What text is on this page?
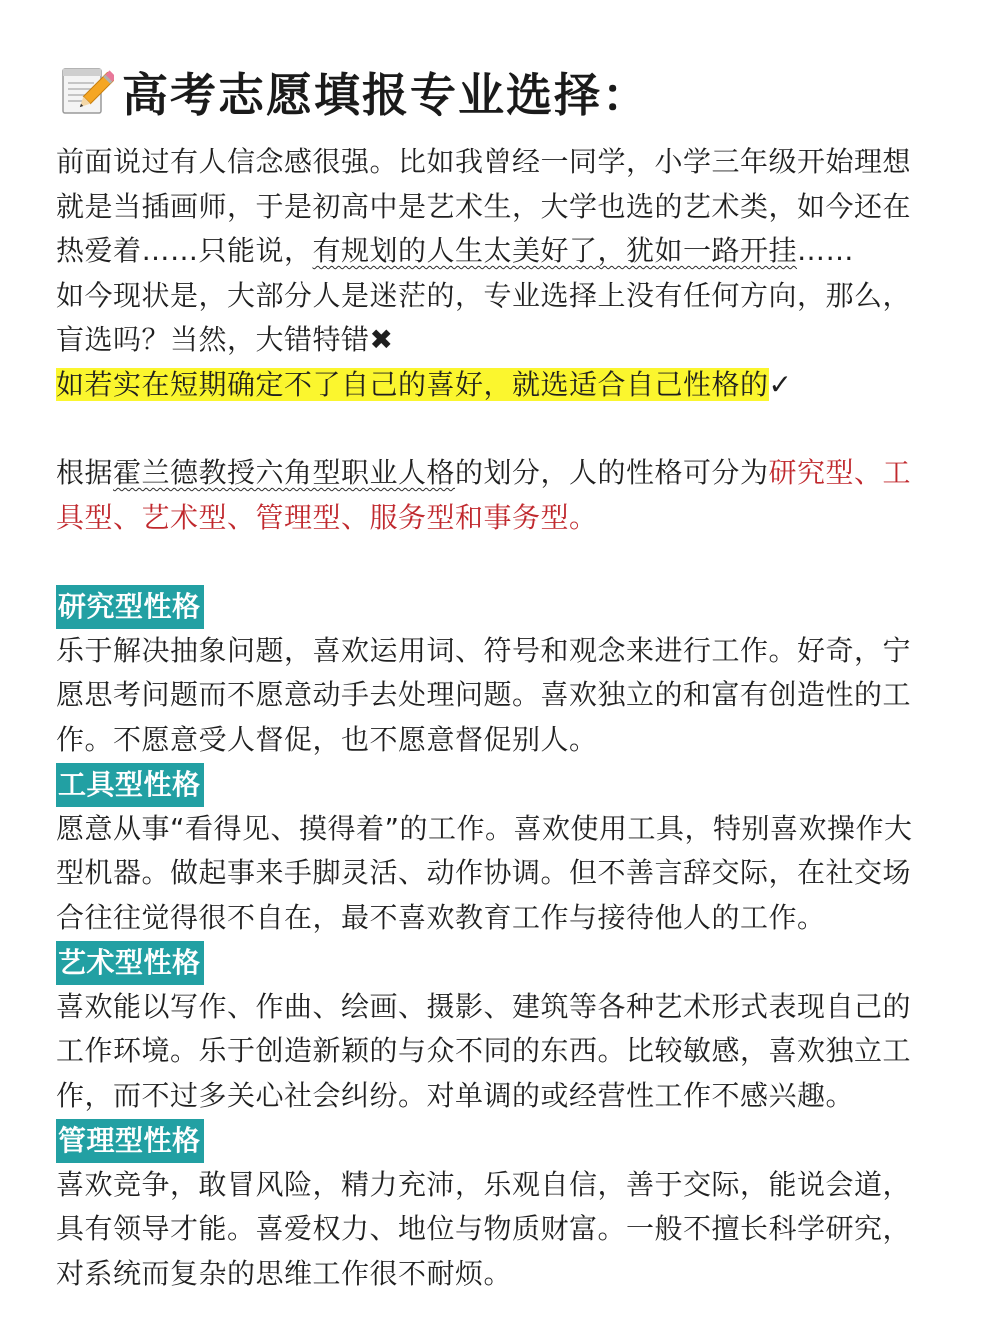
高考志愿填报专业选择：
前面说过有人信念感很强。比如我曾经一同学，小学三年级开始理想
就是当插画师，于是初高中是艺术生，大学也选的艺术类，如今还在
热爱着……只能说，有规划的人生太美好了，犹如一路开挂……
如今现状是，大部分人是迷茫的，专业选择上没有任何方向，那么，
盲选吗？当然，大错特错✖
如若实在短期确定不了自己的喜好，就选适合自己性格的✓
根据霍兰德教授六角型职业人格的划分，人的性格可分为研究型、工
具型、艺术型、管理型、服务型和事务型。
研究型性格
乐于解决抽象问题，喜欢运用词、符号和观念来进行工作。好奇，宁
愿思考问题而不愿意动手去处理问题。喜欢独立的和富有创造性的工
作。不愿意受人督促，也不愿意督促别人。
工具型性格
愿意从事“看得见、摸得着”的工作。喜欢使用工具，特别喜欢操作大
型机器。做起事来手脚灵活、动作协调。但不善言辞交际，在社交场
合往往觉得很不自在，最不喜欢教育工作与接待他人的工作。
艺术型性格
喜欢能以写作、作曲、绘画、摄影、建筑等各种艺术形式表现自己的
工作环境。乐于创造新颖的与众不同的东西。比较敏感，喜欢独立工
作，而不过多关心社会纠纷。对单调的或经营性工作不感兴趣。
管理型性格
喜欢竞争，敢冒风险，精力充沛，乐观自信，善于交际，能说会道，
具有领导才能。喜爱权力、地位与物质财富。一般不擅长科学研究，
对系统而复杂的思维工作很不耐烦。
